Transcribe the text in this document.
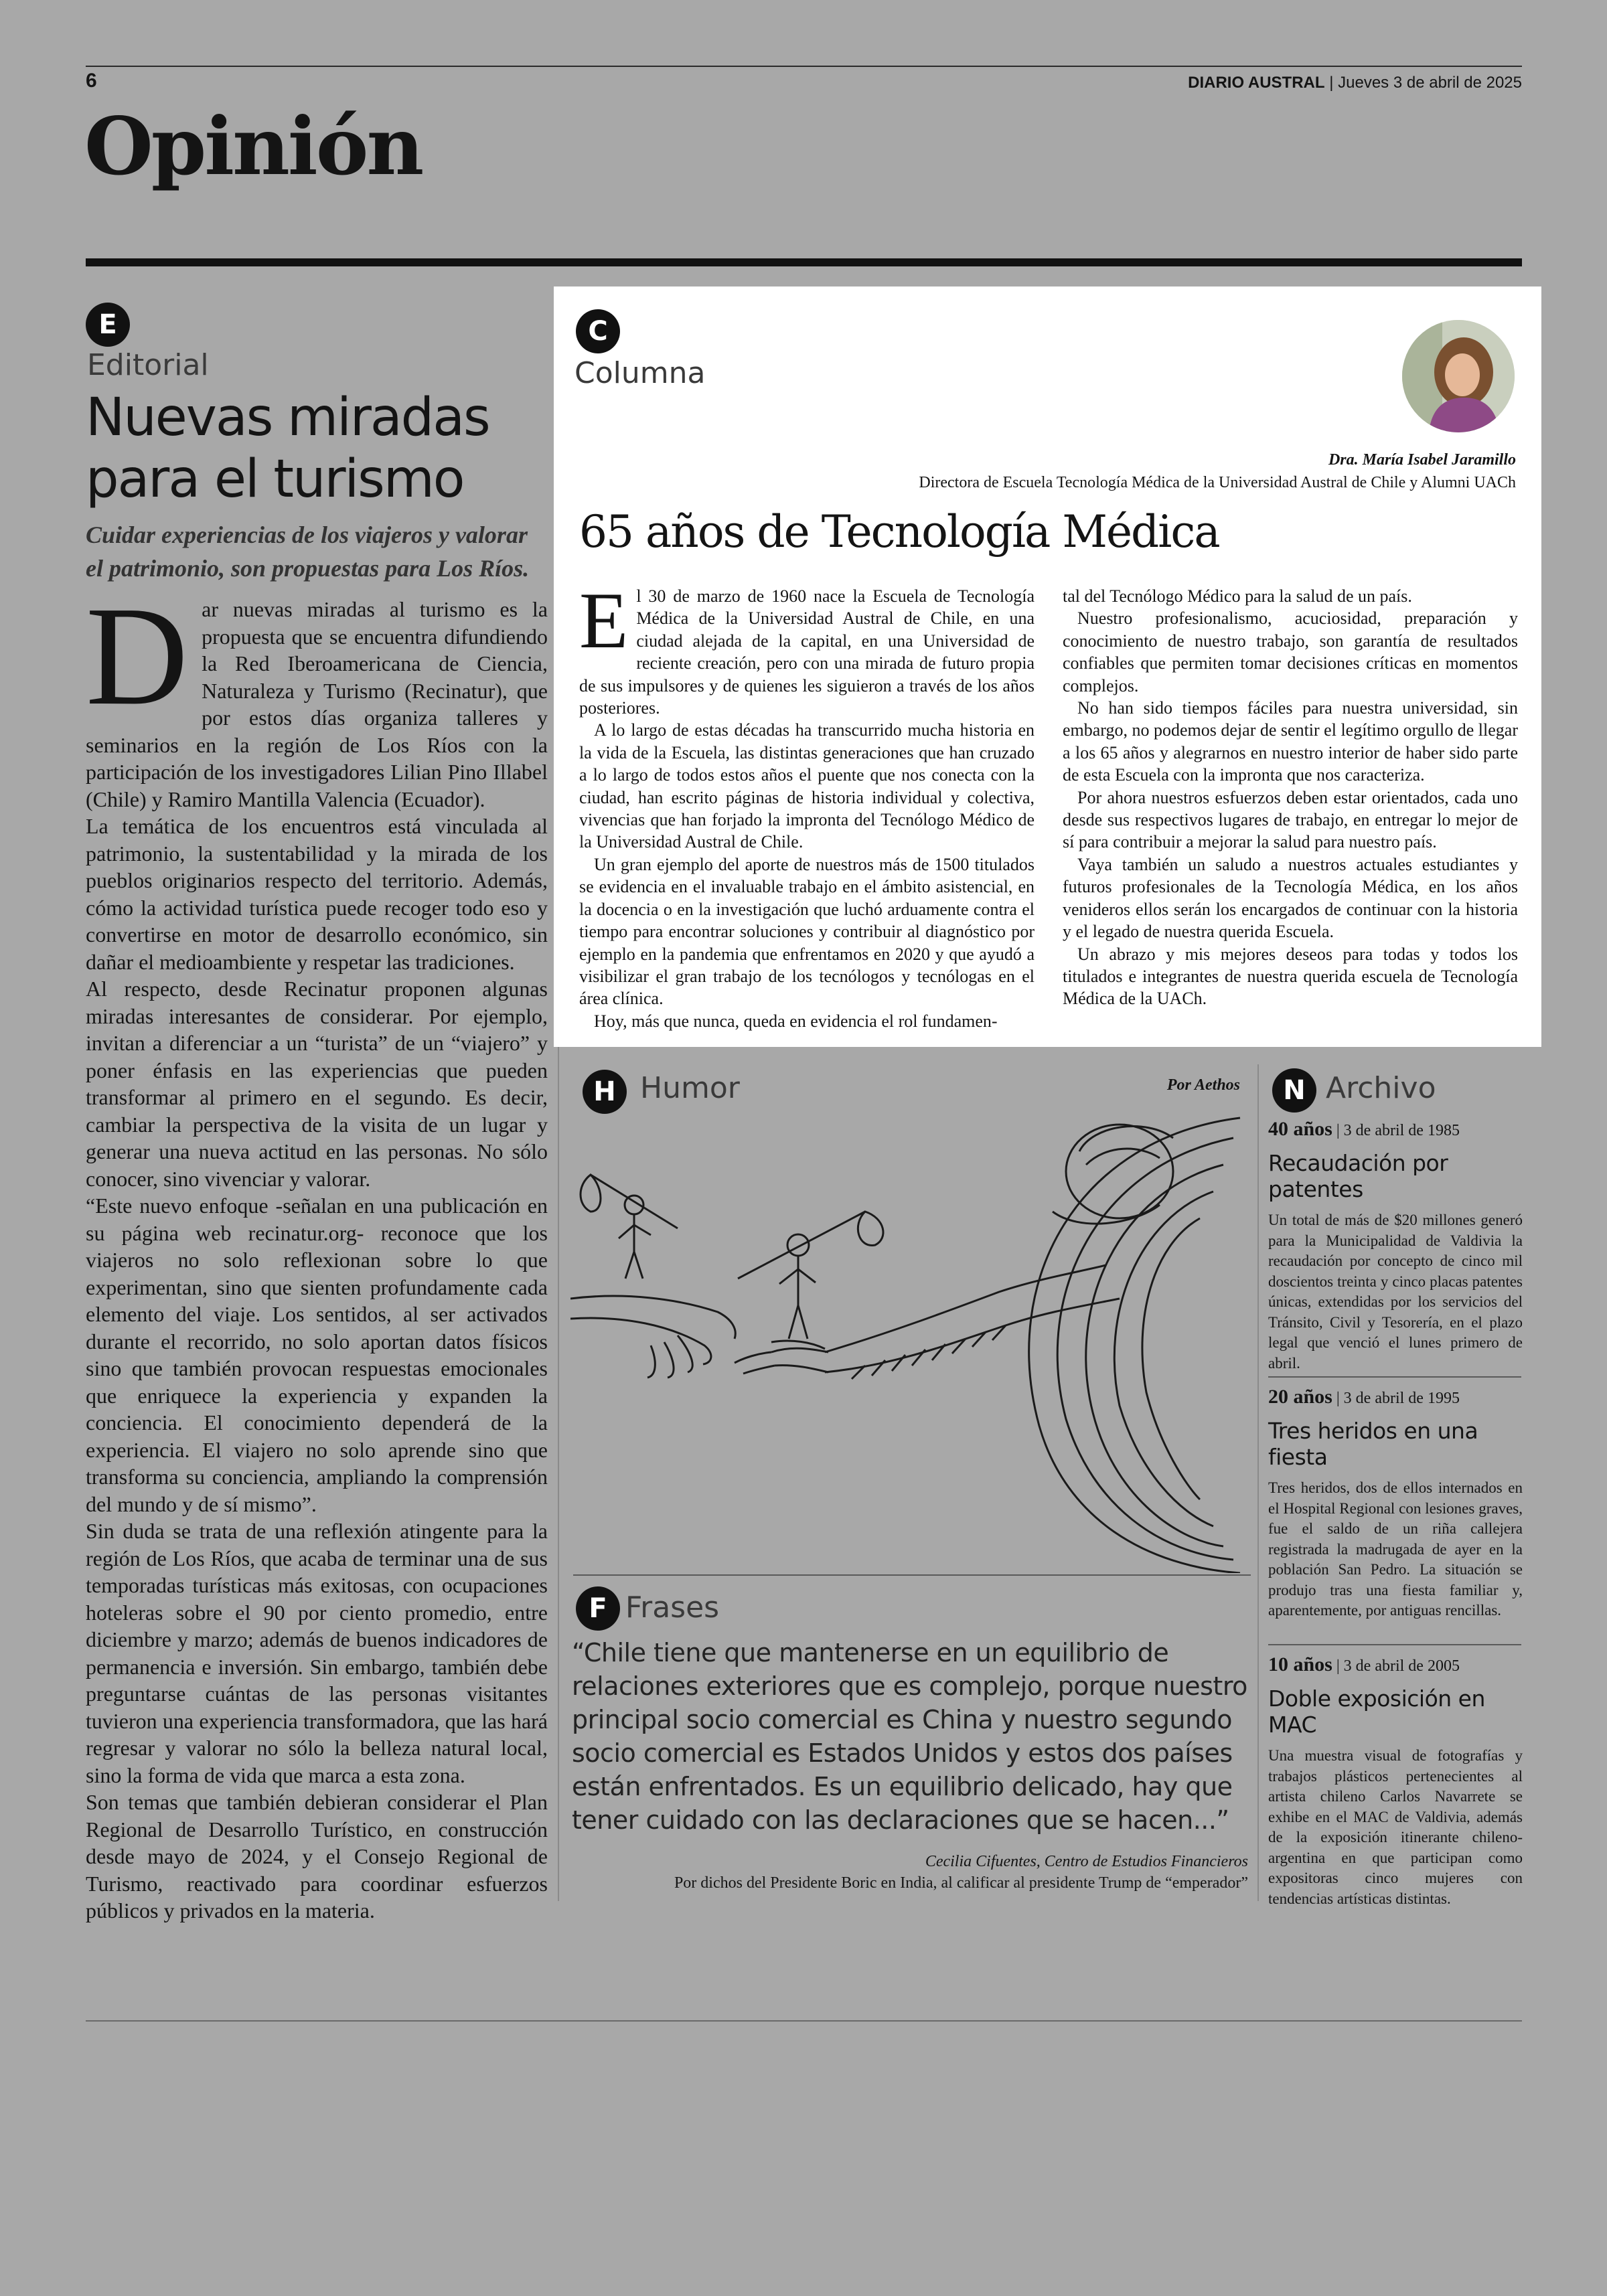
6	DIARIO AUSTRAL | Jueves 3 de abril de 2025
Opinión
E
Editorial
Nuevas miradas para el turismo
Cuidar experiencias de los viajeros y valorar el patrimonio, son propuestas para Los Ríos.
D ar nuevas miradas al turismo es la propuesta que se encuentra difundiendo la Red Iberoamericana de Ciencia, Naturaleza y Turismo (Recinatur), que por estos días organiza talleres y seminarios en la región de Los Ríos con la participación de los investigadores Lilian Pino Illabel (Chile) y Ramiro Mantilla Valencia (Ecuador).

La temática de los encuentros está vinculada al patrimonio, la sustentabilidad y la mirada de los pueblos originarios respecto del territorio. Además, cómo la actividad turística puede recoger todo eso y convertirse en motor de desarrollo económico, sin dañar el medioambiente y respetar las tradiciones.

Al respecto, desde Recinatur proponen algunas miradas interesantes de considerar. Por ejemplo, invitan a diferenciar a un “turista” de un “viajero” y poner énfasis en las experiencias que pueden transformar al primero en el segundo. Es decir, cambiar la perspectiva de la visita de un lugar y generar una nueva actitud en las personas. No sólo conocer, sino vivenciar y valorar.

“Este nuevo enfoque -señalan en una publicación en su página web recinatur.org- reconoce que los viajeros no solo reflexionan sobre lo que experimentan, sino que sienten profundamente cada elemento del viaje. Los sentidos, al ser activados durante el recorrido, no solo aportan datos físicos sino que también provocan respuestas emocionales que enriquece la experiencia y expanden la conciencia. El conocimiento dependerá de la experiencia. El viajero no solo aprende sino que transforma su conciencia, ampliando la comprensión del mundo y de sí mismo”.

Sin duda se trata de una reflexión atingente para la región de Los Ríos, que acaba de terminar una de sus temporadas turísticas más exitosas, con ocupaciones hoteleras sobre el 90 por ciento promedio, entre diciembre y marzo; además de buenos indicadores de permanencia e inversión. Sin embargo, también debe preguntarse cuántas de las personas visitantes tuvieron una experiencia transformadora, que las hará regresar y valorar no sólo la belleza natural local, sino la forma de vida que marca a esta zona.

Son temas que también debieran considerar el Plan Regional de Desarrollo Turístico, en construcción desde mayo de 2024, y el Consejo Regional de Turismo, reactivado para coordinar esfuerzos públicos y privados en la materia.

C
Columna
Dra. María Isabel Jaramillo
Directora de Escuela Tecnología Médica de la Universidad Austral de Chile y Alumni UACh
65 años de Tecnología Médica
E l 30 de marzo de 1960 nace la Escuela de Tecnología Médica de la Universidad Austral de Chile, en una ciudad alejada de la capital, en una Universidad de reciente creación, pero con una mirada de futuro propia de sus impulsores y de quienes les siguieron a través de los años posteriores.

A lo largo de estas décadas ha transcurrido mucha historia en la vida de la Escuela, las distintas generaciones que han cruzado a lo largo de todos estos años el puente que nos conecta con la ciudad, han escrito páginas de historia individual y colectiva, vivencias que han forjado la impronta del Tecnólogo Médico de la Universidad Austral de Chile.

Un gran ejemplo del aporte de nuestros más de 1500 titulados se evidencia en el invaluable trabajo en el ámbito asistencial, en la docencia o en la investigación que luchó arduamente contra el tiempo para encontrar soluciones y contribuir al diagnóstico por ejemplo en la pandemia que enfrentamos en 2020 y que ayudó a visibilizar el gran trabajo de los tecnólogos y tecnólogas en el área clínica.

Hoy, más que nunca, queda en evidencia el rol fundamen-

tal del Tecnólogo Médico para la salud de un país.

Nuestro profesionalismo, acuciosidad, preparación y conocimiento de nuestro trabajo, son garantía de resultados confiables que permiten tomar decisiones críticas en momentos complejos.

No han sido tiempos fáciles para nuestra universidad, sin embargo, no podemos dejar de sentir el legítimo orgullo de llegar a los 65 años y alegrarnos en nuestro interior de haber sido parte de esta Escuela con la impronta que nos caracteriza.

Por ahora nuestros esfuerzos deben estar orientados, cada uno desde sus respectivos lugares de trabajo, en entregar lo mejor de sí para contribuir a mejorar la salud para nuestro país.

Vaya también un saludo a nuestros actuales estudiantes y futuros profesionales de la Tecnología Médica, en los años venideros ellos serán los encargados de continuar con la historia y el legado de nuestra querida Escuela.

Un abrazo y mis mejores deseos para todas y todos los titulados e integrantes de nuestra querida escuela de Tecnología Médica de la UACh.

H Humor	Por Aethos
F Frases
“Chile tiene que mantenerse en un equilibrio de relaciones exteriores que es complejo, porque nuestro principal socio comercial es China y nuestro segundo socio comercial es Estados Unidos y estos dos países están enfrentados. Es un equilibrio delicado, hay que tener cuidado con las declaraciones que se hacen...”
Cecilia Cifuentes, Centro de Estudios Financieros
Por dichos del Presidente Boric en India, al calificar al presidente Trump de “emperador”
N Archivo
40 años | 3 de abril de 1985
Recaudación por patentes
Un total de más de $20 millones generó para la Municipalidad de Valdivia la recaudación por concepto de cinco mil doscientos treinta y cinco placas patentes únicas, extendidas por los servicios del Tránsito, Civil y Tesorería, en el plazo legal que venció el lunes primero de abril.
20 años | 3 de abril de 1995
Tres heridos en una fiesta
Tres heridos, dos de ellos internados en el Hospital Regional con lesiones graves, fue el saldo de un riña callejera registrada la madrugada de ayer en la población San Pedro. La situación se produjo tras una fiesta familiar y, aparentemente, por antiguas rencillas.
10 años | 3 de abril de 2005
Doble exposición en MAC
Una muestra visual de fotografías y trabajos plásticos pertenecientes al artista chileno Carlos Navarrete se exhibe en el MAC de Valdivia, además de la exposición itinerante chileno-argentina en que participan como expositoras cinco mujeres con tendencias artísticas distintas.
